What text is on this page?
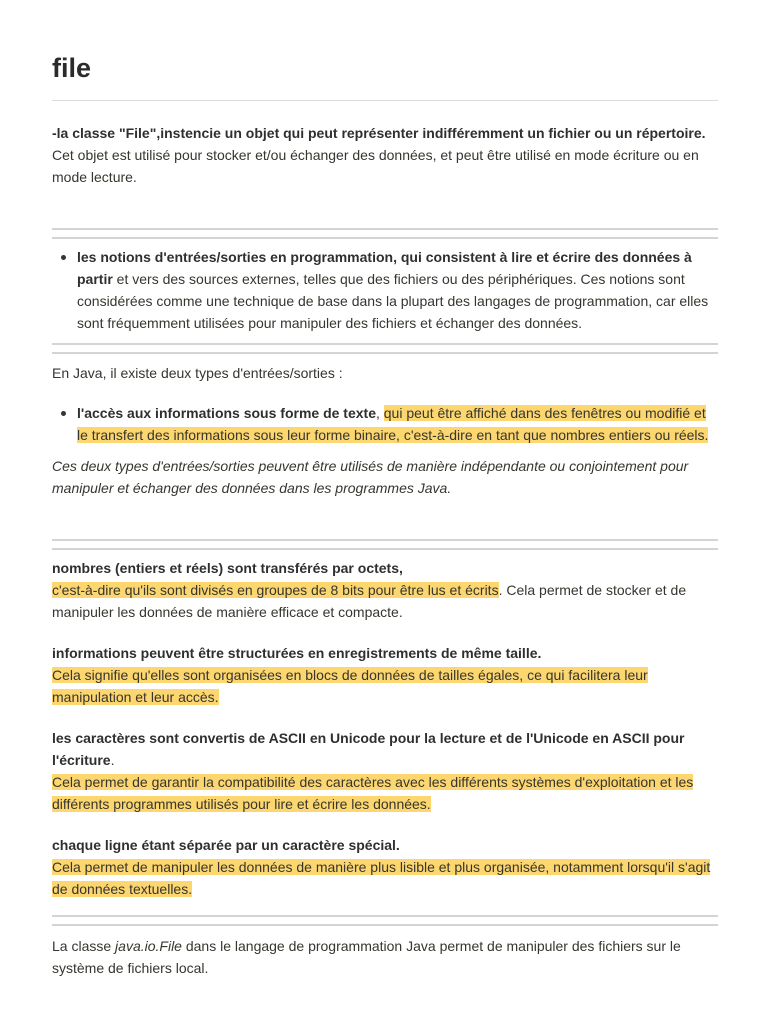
file

-la classe "File",instencie un objet qui peut représenter indifféremment un fichier ou un répertoire.

Cet objet est utilisé pour stocker et/ou échanger des données, et peut être utilisé en mode écriture ou en mode lecture.

les notions d'entrées/sorties en programmation, qui consistent à lire et écrire des données à partir et vers des sources externes, telles que des fichiers ou des périphériques. Ces notions sont considérées comme une technique de base dans la plupart des langages de programmation, car elles sont fréquemment utilisées pour manipuler des fichiers et échanger des données.

En Java, il existe deux types d'entrées/sorties :

l'accès aux informations sous forme de texte, qui peut être affiché dans des fenêtres ou modifié et le transfert des informations sous leur forme binaire, c'est-à-dire en tant que nombres entiers ou réels.

Ces deux types d'entrées/sorties peuvent être utilisés de manière indépendante ou conjointement pour manipuler et échanger des données dans les programmes Java.

nombres (entiers et réels) sont transférés par octets,

c'est-à-dire qu'ils sont divisés en groupes de 8 bits pour être lus et écrits. Cela permet de stocker et de manipuler les données de manière efficace et compacte.

informations peuvent être structurées en enregistrements de même taille.

Cela signifie qu'elles sont organisées en blocs de données de tailles égales, ce qui facilitera leur manipulation et leur accès.

les caractères sont convertis de ASCII en Unicode pour la lecture et de l'Unicode en ASCII pour l'écriture.

Cela permet de garantir la compatibilité des caractères avec les différents systèmes d'exploitation et les différents programmes utilisés pour lire et écrire les données.

chaque ligne étant séparée par un caractère spécial.

Cela permet de manipuler les données de manière plus lisible et plus organisée, notamment lorsqu'il s'agit de données textuelles.

La classe java.io.File dans le langage de programmation Java permet de manipuler des fichiers sur le système de fichiers local.
